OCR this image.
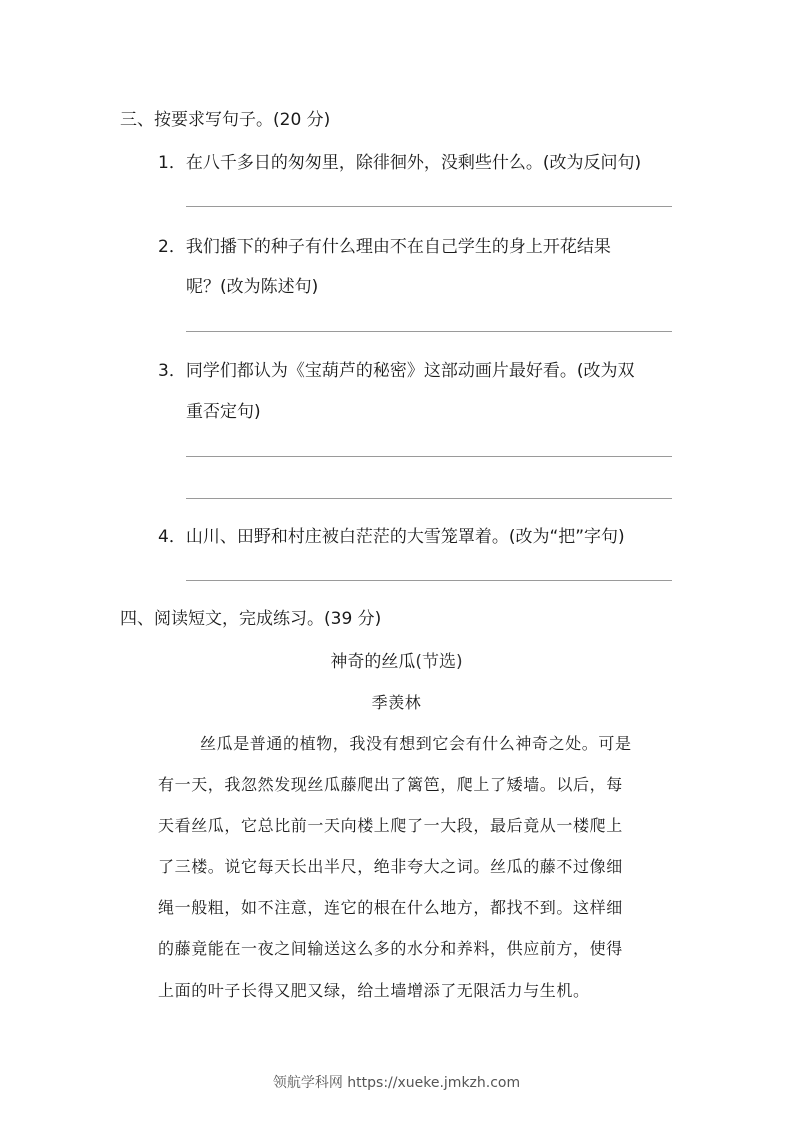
三、按要求写句子。(20 分)
1．在八千多日的匆匆里，除徘徊外，没剩些什么。(改为反问句)
2．我们播下的种子有什么理由不在自己学生的身上开花结果
呢？(改为陈述句)
3．同学们都认为《宝葫芦的秘密》这部动画片最好看。(改为双
重否定句)
4．山川、田野和村庄被白茫茫的大雪笼罩着。(改为“把”字句)
四、阅读短文，完成练习。(39 分)
神奇的丝瓜(节选)
季羡林
丝瓜是普通的植物，我没有想到它会有什么神奇之处。可是
有一天，我忽然发现丝瓜藤爬出了篱笆，爬上了矮墙。以后，每
天看丝瓜，它总比前一天向楼上爬了一大段，最后竟从一楼爬上
了三楼。说它每天长出半尺，绝非夸大之词。丝瓜的藤不过像细
绳一般粗，如不注意，连它的根在什么地方，都找不到。这样细
的藤竟能在一夜之间输送这么多的水分和养料，供应前方，使得
上面的叶子长得又肥又绿，给土墙增添了无限活力与生机。
领航学科网 https://xueke.jmkzh.com
